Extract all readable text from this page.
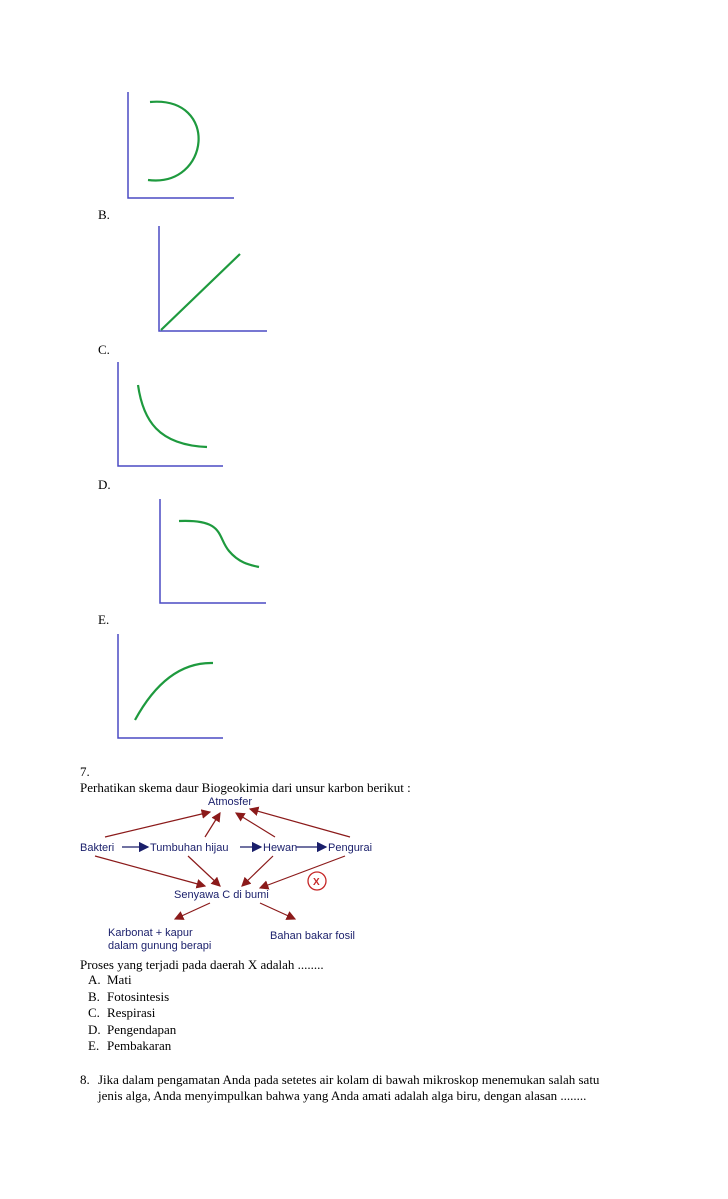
B.
C.
D.
E.
7.
Perhatikan skema daur Biogeokimia dari unsur karbon berikut :
Atmosfer
Bakteri	Tumbuhan hijau	Hewan	Pengurai
Senyawa C di bumi
Karbonat + kapur
dalam gunung berapi
Bahan bakar fosil
X
Proses yang terjadi pada daerah X adalah ........
A. Mati
B. Fotosintesis
C. Respirasi
D. Pengendapan
E. Pembakaran
8. Jika dalam pengamatan Anda pada setetes air kolam di bawah mikroskop menemukan salah satu
jenis alga, Anda menyimpulkan bahwa yang Anda amati adalah alga biru, dengan alasan ........
